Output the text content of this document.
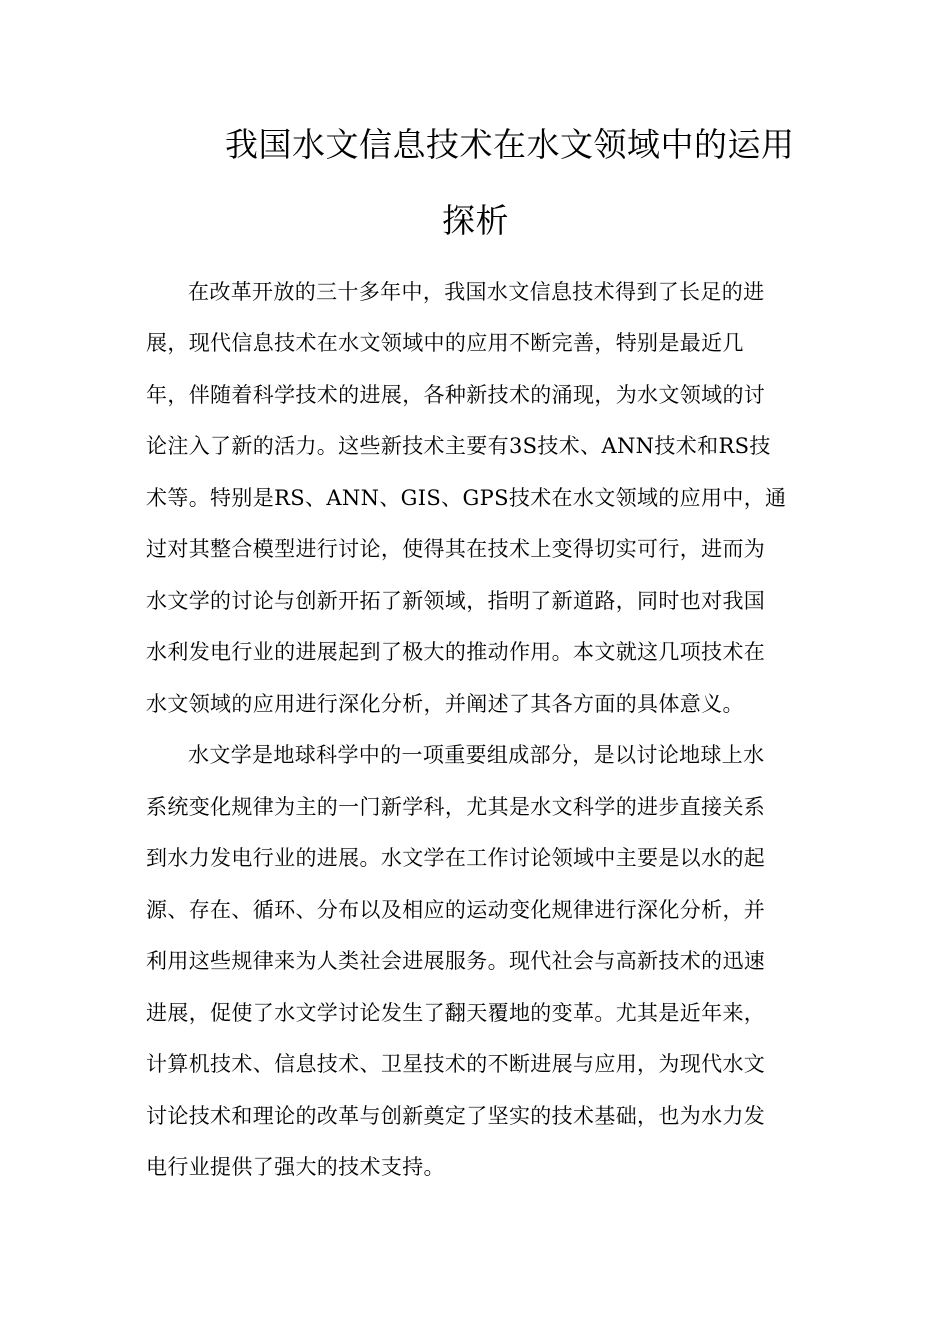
我国水文信息技术在水文领域中的运用
探析
在改革开放的三十多年中，我国水文信息技术得到了长足的进
展，现代信息技术在水文领域中的应用不断完善，特别是最近几
年，伴随着科学技术的进展，各种新技术的涌现，为水文领域的讨
论注入了新的活力。这些新技术主要有3S技术、ANN技术和RS技
术等。特别是RS、ANN、GIS、GPS技术在水文领域的应用中，通
过对其整合模型进行讨论，使得其在技术上变得切实可行，进而为
水文学的讨论与创新开拓了新领域，指明了新道路，同时也对我国
水利发电行业的进展起到了极大的推动作用。本文就这几项技术在
水文领域的应用进行深化分析，并阐述了其各方面的具体意义。
水文学是地球科学中的一项重要组成部分，是以讨论地球上水
系统变化规律为主的一门新学科，尤其是水文科学的进步直接关系
到水力发电行业的进展。水文学在工作讨论领域中主要是以水的起
源、存在、循环、分布以及相应的运动变化规律进行深化分析，并
利用这些规律来为人类社会进展服务。现代社会与高新技术的迅速
进展，促使了水文学讨论发生了翻天覆地的变革。尤其是近年来，
计算机技术、信息技术、卫星技术的不断进展与应用，为现代水文
讨论技术和理论的改革与创新奠定了坚实的技术基础，也为水力发
电行业提供了强大的技术支持。
